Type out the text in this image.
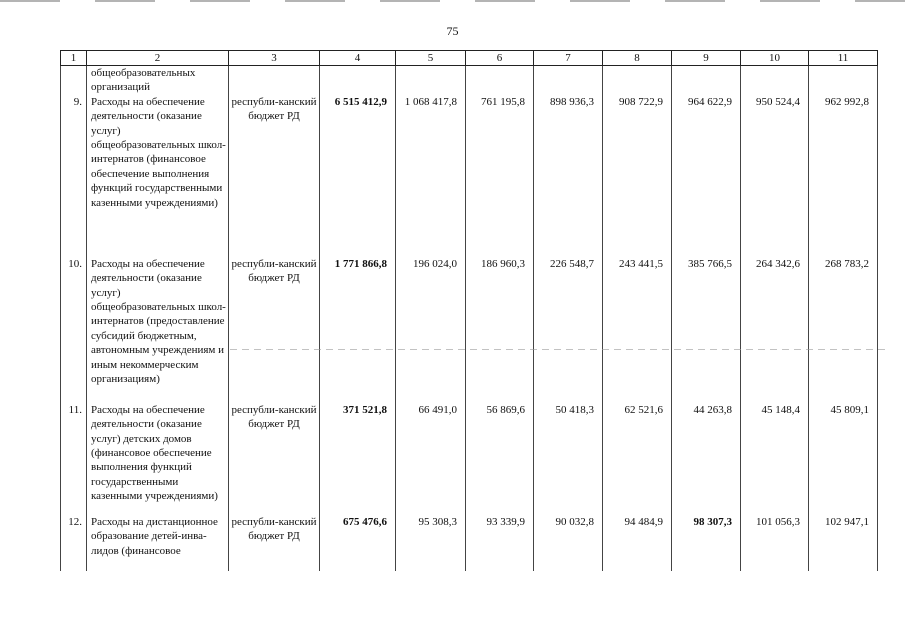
75
1	2	3	4	5	6	7	8	9	10	11
	общеобразовательных организаций									
9.	Расходы на обеспечение деятельности (оказание услуг) общеобразовательных школ-интернатов (финансовое обеспечение выполнения функций государственными казенными учреждениями)	республи-канский бюджет РД	6 515 412,9	1 068 417,8	761 195,8	898 936,3	908 722,9	964 622,9	950 524,4	962 992,8
10.	Расходы на обеспечение деятельности (оказание услуг) общеобразовательных школ-интернатов (предоставление субсидий бюджетным, автономным учреждениям и иным некоммерческим организациям)	республи-канский бюджет РД	1 771 866,8	196 024,0	186 960,3	226 548,7	243 441,5	385 766,5	264 342,6	268 783,2
11.	Расходы на обеспечение деятельности (оказание услуг) детских домов (финансовое обеспечение выполнения функций государственными казенными учреждениями)	республи-канский бюджет РД	371 521,8	66 491,0	56 869,6	50 418,3	62 521,6	44 263,8	45 148,4	45 809,1
12.	Расходы на дистанционное образование детей-инва-лидов (финансовое	республи-канский бюджет РД	675 476,6	95 308,3	93 339,9	90 032,8	94 484,9	98 307,3	101 056,3	102 947,1
